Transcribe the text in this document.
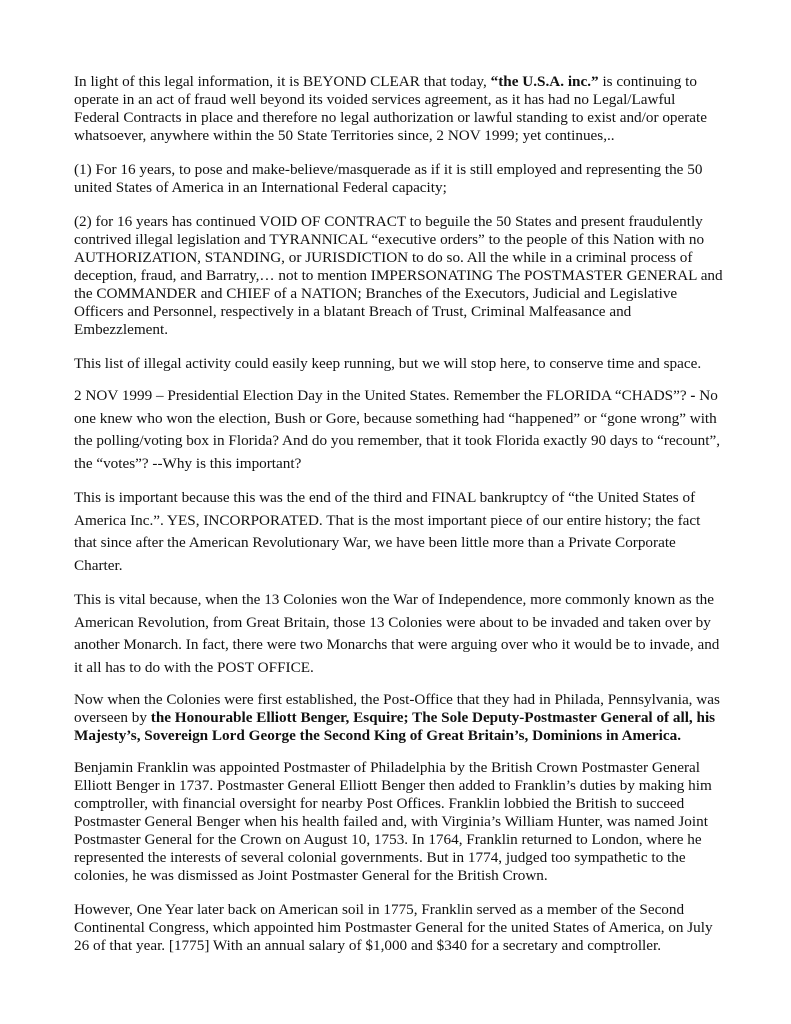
In light of this legal information, it is BEYOND CLEAR that today, “the U.S.A. inc.” is continuing to operate in an act of fraud well beyond its voided services agreement, as it has had no Legal/Lawful Federal Contracts in place and therefore no legal authorization or lawful standing to exist and/or operate whatsoever, anywhere within the 50 State Territories since, 2 NOV 1999; yet continues,..

(1) For 16 years, to pose and make-believe/masquerade as if it is still employed and representing the 50 united States of America in an International Federal capacity;

(2) for 16 years has continued VOID OF CONTRACT to beguile the 50 States and present fraudulently contrived illegal legislation and TYRANNICAL “executive orders” to the people of this Nation with no AUTHORIZATION, STANDING, or JURISDICTION to do so. All the while in a criminal process of deception, fraud, and Barratry,… not to mention IMPERSONATING The POSTMASTER GENERAL and the COMMANDER and CHIEF of a NATION; Branches of the Executors, Judicial and Legislative Officers and Personnel, respectively in a blatant Breach of Trust, Criminal Malfeasance and Embezzlement.

This list of illegal activity could easily keep running, but we will stop here, to conserve time and space.

2 NOV 1999 – Presidential Election Day in the United States. Remember the FLORIDA “CHADS”? - No one knew who won the election, Bush or Gore, because something had “happened” or “gone wrong” with the polling/voting box in Florida? And do you remember, that it took Florida exactly 90 days to “recount”, the “votes”? --Why is this important?

This is important because this was the end of the third and FINAL bankruptcy of “the United States of America Inc.”. YES, INCORPORATED. That is the most important piece of our entire history; the fact that since after the American Revolutionary War, we have been little more than a Private Corporate Charter.

This is vital because, when the 13 Colonies won the War of Independence, more commonly known as the American Revolution, from Great Britain, those 13 Colonies were about to be invaded and taken over by another Monarch. In fact, there were two Monarchs that were arguing over who it would be to invade, and it all has to do with the POST OFFICE.

Now when the Colonies were first established, the Post-Office that they had in Philada, Pennsylvania, was overseen by the Honourable Elliott Benger, Esquire; The Sole Deputy-Postmaster General of all, his Majesty’s, Sovereign Lord George the Second King of Great Britain’s, Dominions in America.

Benjamin Franklin was appointed Postmaster of Philadelphia by the British Crown Postmaster General Elliott Benger in 1737. Postmaster General Elliott Benger then added to Franklin’s duties by making him comptroller, with financial oversight for nearby Post Offices. Franklin lobbied the British to succeed Postmaster General Benger when his health failed and, with Virginia’s William Hunter, was named Joint Postmaster General for the Crown on August 10, 1753. In 1764, Franklin returned to London, where he represented the interests of several colonial governments. But in 1774, judged too sympathetic to the colonies, he was dismissed as Joint Postmaster General for the British Crown.

However, One Year later back on American soil in 1775, Franklin served as a member of the Second Continental Congress, which appointed him Postmaster General for the united States of America, on July 26 of that year. [1775] With an annual salary of $1,000 and $340 for a secretary and comptroller.
